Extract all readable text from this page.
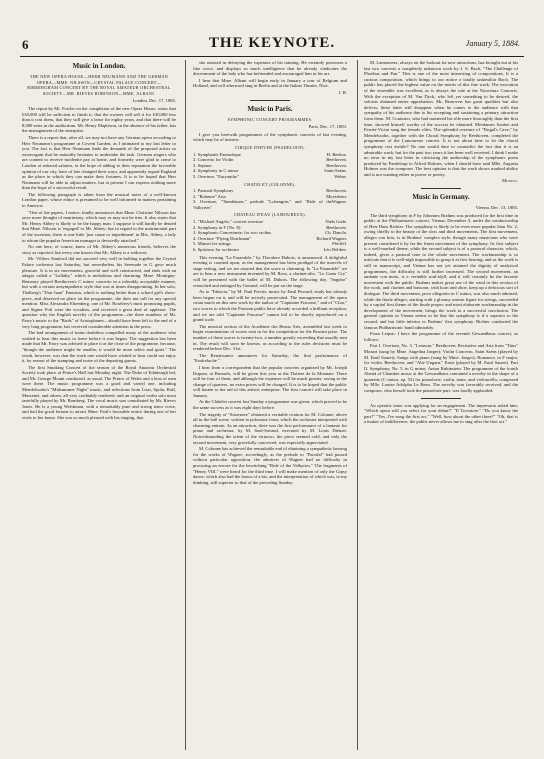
6	THE KEYNOTE.	January 5, 1884.
Music in London.
THE NEW OPERA HOUSE—HERR NEUMANN AND THE GERMAN OPERA—MME. NILSSON—CRYSTAL PALACE CONCERT—BIRMINGHAM CONCERT BY THE ROYAL AMATEUR ORCHESTRAL SOCIETY—MR. RIEVES ROBINSON—MME. ALBANI.
London, Dec. 17, 1883.

The report by Mr. Fowler on the completion of the new Opera House, states that £30,000 will be sufficient to finish it, that the owners will sell it for £30,000 less than it cost them, that they will give a lease for eighty years, and that there will be 8,000 seats in the auditorium. Mr. Henry Mapleson, in the absence of his father, has the management of the enterprise.

There is a report that, after all, we may not have any German opera according to Herr Neumann's programme at Covent Garden, as I intimated to my last letter to you. The fact is that Herr Neumann finds the demands of the proposed artists so extravagant that he naturally hesitates to undertake the task. German singers who are content to receive moderate pay at home, and formerly were glad to come to London at reduced salaries, in the hope of adding to their reputation the favorable opinion of our city, have of late changed their ways, and apparently regard England as the place in which they can make their fortunes. It is to be hoped that Herr Neumann will be able to adjust matters, but at present I can express nothing more than the hope of a successful result.

The following paragraph is taken from the musical notes of a well-known London paper, whose editor is presumed to be well informed in matters pertaining to America:

"One of the papers, I notice, kindly announces that Mme. Christine Nilsson has once more thought of matrimony, which may or may not be true. It also states that Mr. Henry Abbey is likely to be the happy man. I suppose it will hardly be denied that Mme. Nilsson is 'engaged' to Mr. Abbey; but in regard to the matrimonial part of the assertion, there is one little 'just cause or impediment' in Mrs. Abbey, a lady to whom the popular American manager is devotedly attached."

No one here, of course, knew of Mr. Abbey's numerous friends, believes the story as reported, but every one knows that Mr. Abbey is a widower.

Mr. Villiers Stanford did not succeed very well in holding together the Crystal Palace orchestra last Saturday, but nevertheless his Serenade in G gave much pleasure. It is in six movements, graceful and well constructed, and ends with an adagio called a "Lullaby," which is melodious and charming. Mme. Montigny-Remaury played Beethoven's C minor concerto in a tolerably acceptable manner, but with a certain unsympathetic style that was at times disappointing. In her solo, Thalberg's "Don Juan" Fantasia, which is nothing better than a school girl's show-piece, and deserved no place on the programme, she does not call for any special mention. Miss Alexandra Ehrenberg, one of Mr. Rosebery's most promising pupils, and Signor Foli were the vocalists, and received a great deal of applause. The question why the English novelty of the programme—the three numbers of Mr. Parry's music to the "Birds" of Aristophanes—should have been left to the end of a very long programme, has received considerable attention in the press.

The bad arrangement of trains doubtless compelled many of the audience who wished to hear this music to leave before it was begun. The suggestion has been made that Mr. Parry was advised to place it at the close of the programme, because, "though the audience might be smaller, it would be more select and quiet." The result, however, was that the work one would have wished to hear could not enjoy it, by reason of the stamping and noise of the departing guests.

The first Smoking Concert of the season of the Royal Amateur Orchestral Society took place at Prince's Hall last Monday night. The Duke of Edinburgh led, and Mr. George Mount conducted, as usual. The Prince of Wales and a host of men were there. The music programme was a good and varied one, including Mendelssohn's "Midsummer Night" music, and selections from Liszt, Spohr, Raff, Massenet, and others, all very creditably rendered, and an original violin solo most tastefully played by Mr. Bomberg. The vocal music was contributed by Mr. Rieves Jones. He is a young Welshman, with a remarkably pure and strong tenor voice, and had the good fortune to attract Mme. Patti's favorable notice during one of her visits to her home. She was so much pleased with his singing, that

she assisted in defraying the expenses of his training. He certainly possesses a fine voice, and displays so much intelligence that he already vindicates the discernment of the lady who has befriended and encouraged him in his art.

I hear that Mme. Albani will begin early in January a tour of Belgium and Holland, and will afterward sing in Berlin and at the Italian Theater, Nice.

J. B.
Music in Paris.
SYMPHONIC CONCERT PROGRAMMES.
Paris, Dec. 17, 1883.

I give you herewith programmes of the symphonic concerts of last evening, which may be of interest:

CIRQUE D'HIVER (PASDELOUP).
1. Symphonie Fantastique	H. Berlioz.
2. Concerto for Violin	Beethoven.
3. Septuor	Beethoven.
4. Symphony in C minor	Saint-Saëns.
5. Overture, "Euryanthe"	Weber.
CHATELET (COLONNE).
1. Pastoral Symphony	Beethoven.
2. "Boheme" Aria	Meyerbeer.
3. Overture, "Tannhäuser," prelude "Lohengrin," and "Ride of the Valkyries"
Wagner.
CHATEAU D'EAU (LAMOUREUX).
1. "Michael Angelo," concert overture	Niels Gade.
2. Symphony in F (No. 8)	Beethoven.
3. Symphonic Concertante, for two violins	Ch. Dancla.
4. Overture "Flying Dutchman"	Richard Wagner.
5. Minuet for strings	Pfeiffel.
6. Spiritoso for orchestra	Léo Delibes.

This evening "La Farandole," by Theodore Dubois, is announced. A delightful evening is counted upon, as the management has been prodigal of the marvels of stage setting, and we are assured that the score is charming. In "La Farandole" we are to hear a new instrument invented by M. Rose, a clarinet-alto. "Le Coeur Cry" will be presented with the ballet of M. Dubois. The following day, "Sappho" retouched and enlarged by Gounod, will be put on the stage.

As to "Fabacia," by M. Paul Ferrier, music by Emil Pessard, study has already been begun on it, and will be actively prosecuted. The management of the opera count much on this new work by the author of "Capitaine Fracasse," and of "Char," two scores to which the Parisian public have already accorded a brilliant reception, and we are told "Capitaine Fracasse" cannot fail to be shortly reproduced on a grand scale.

The musical section of the Académie des Beaux Arts, assembled last week to begin examinations of scores sent in for the competition for the Rossini prize. The number of these scores is twenty-two, a number greatly exceeding that usually sent in. The result will soon be known, as according to the rules decisions must be rendered before Dec. 31st.

The Renaissance announces for Saturday, the first performance of "Fanfreluche."

I hear from a correspondent that the popular concerts organized by Mr. Joseph Dupont, at Brussels, will be given this year at the Théatre de la Monnaie. There will be four of them, and although the expenses will be much greater, owing to the change of quarters, no extra prices will be charged. It is to be hoped that the public will hasten to the aid of this artistic enterprise. The first concert will take place in January.

At the Châtelet concert last Sunday a programme was given, which proved to be the same success as it was eight days before.

The tragedy of "Struensee" obtained a veritable ovation for M. Colonne, above all in the ball scene, written in polonaise form, which the orchestra interpreted with charming entrain. As an attraction, there was the first performance of a fantasie for piano and orchestra, by M. Saul-Savand, executed by M. Louis Diémer. Notwithstanding the talent of the virtuoso, the piece seemed cold, and only the second movement, very gracefully conceived, was especially appreciated.

M. Colonne has achieved the remarkable end of obtaining a sympathetic hearing for the works of Wagner; accordingly, as the prelude to "Parsifal" had passed without particular opposition, the admirers of Wagner had no difficulty in procuring an encore for the bewitching "Ride of the Valkyries." The fragments of "Henry VIII." were heard for the third time. I will make mention of only the Gipsy dance, which also had the honor of a bis, and the interpretation of which was, to my thinking, still superior to that of the preceding Sunday.

M. Lamoureux, always on the lookout for new attractions, has brought out at his last two concerts a completely unknown work by J. S. Bach, "The Challenge of Phoebus and Pan." This is one of the most interesting of compositions. It is a curious composition, which brings to our notice a totally unfamiliar Bach. The public has placed the highest value on the merits of this fine work. The execution of the ensemble was excellent, as is always the rule at the Nouveaux Concerts. With the exception of M. Van Dyck, who left yet something to be desired, the soloists obtained entire approbation. Mr. Bisnovert has great qualities but also defects; these latter will disappear when he comes to the audience with that sympathy of his audience due to his accepting and sustaining a primary attraction from them. M. Couturier, who had mastered his rôle more thoroughly than the first time, showed himself worthy of the success he obtained. Mesdames Soubre and Ferrier-Vicini sang the female rôles. The splendid overture of "Fingal's Cave," by Mendelssohn, together with the Choral Symphony by Beethoven, completed the programme of the Lamoureux concert. It is not about time to let the choral symphony rest awhile? No one would dare to contradict the fact that it is an admirable work; but for the past two years it has been well received. I think I make no error in my last letter in criticizing the authorship of the symphonic poem produced by Pasdeloup to Alfred Holmes, when I should have said Mlle. Augusta Holmes was the composer. The best opinion is that the work shows marked ability and is not wanting either in power or poetry.

Musicus.
Music in Germany.
Vienna, Dec. 13, 1883.

The third symphony in F by Johannes Brahms was produced for the first time in public at the Philharmonic concert, Vienna, December 3, under the conductorship of Herr Hans Richter. The symphony is likely to be even more popular than No. 2, owing chiefly to the beauty of the slow and third movements. The first movement, allegro con brio, is in Brahms' complex style, though many musicians who were present considered it by far the finest movement of the symphony. Its first subject is a well-marked theme, while the second subject is of a pastoral character, which, indeed, gives a pastoral tone to the whole movement. The workmanship is so intricate that it is well-nigh impossible to grasp it at first hearing; and as the work is still in manuscript, and Vienna has not yet attained the dignity of analytical programmes, the difficulty is still further increased. The second movement, an andante con moto, is a veritable soul-idyll, and it will certainly be the favorite movement with the public. Brahms makes great use of the wind in this section of the work, and clarinet and bassoon, with horn and oboe, keep up a delicious sort of dialogue. The third movement, poco allegretto in C minor, was also much admired, while the finale allegro, starting with a gloomy unison figure for strings, succeeded by a capital first theme of the finale proper, and most elaborate workmanship in the development of the movement, brings the work to a successful conclusion. The general opinion in Vienna seems to be that the symphony is if a superior to the second, and but little inferior to Brahms' first symphony. Richter conducted the famous Philharmonic band admirably.

From Leipsic I have the programme of the seventh Gewandhaus concert, as follows:

Part I. Overture, No. 3, "Leonore," Beethoven; Recitative and Aria from "Titus" Mozart (sung by Mme. Angelina Jaeger); Violin Concerto, Saint Saëns (played by M. Emil Sauret); Songs with piano (sung by Mme. Jaeger); Romance, in F major, for violin, Beethoven; and "Alte Ungarn," Ernst (played by M. Emil Sauret). Part II. Symphony, No. 5, in G minor, Anton Rubinstein. The programme of the fourth Abend of Chamber music at the Gewandhaus contained a novelty in the shape of a quartette (C minor, op. 53) for pianoforte, violin, tenor, and violoncello, composed by Mlle. Louise Adolpha Le Beau. The novelty was favorably received, and the composer, who herself took the pianoforte part, was loudly applauded.

An operatic tenor was applying for an engagement. The impresario asked him: "Which opera will you select for your debut?" "Il Trovatore." "Do you know the part?" "Yes, I've sung the first act." "Well, how about the other three?" "Oh, that is a matter of indifference; the public never allows me to sing after the first act."
